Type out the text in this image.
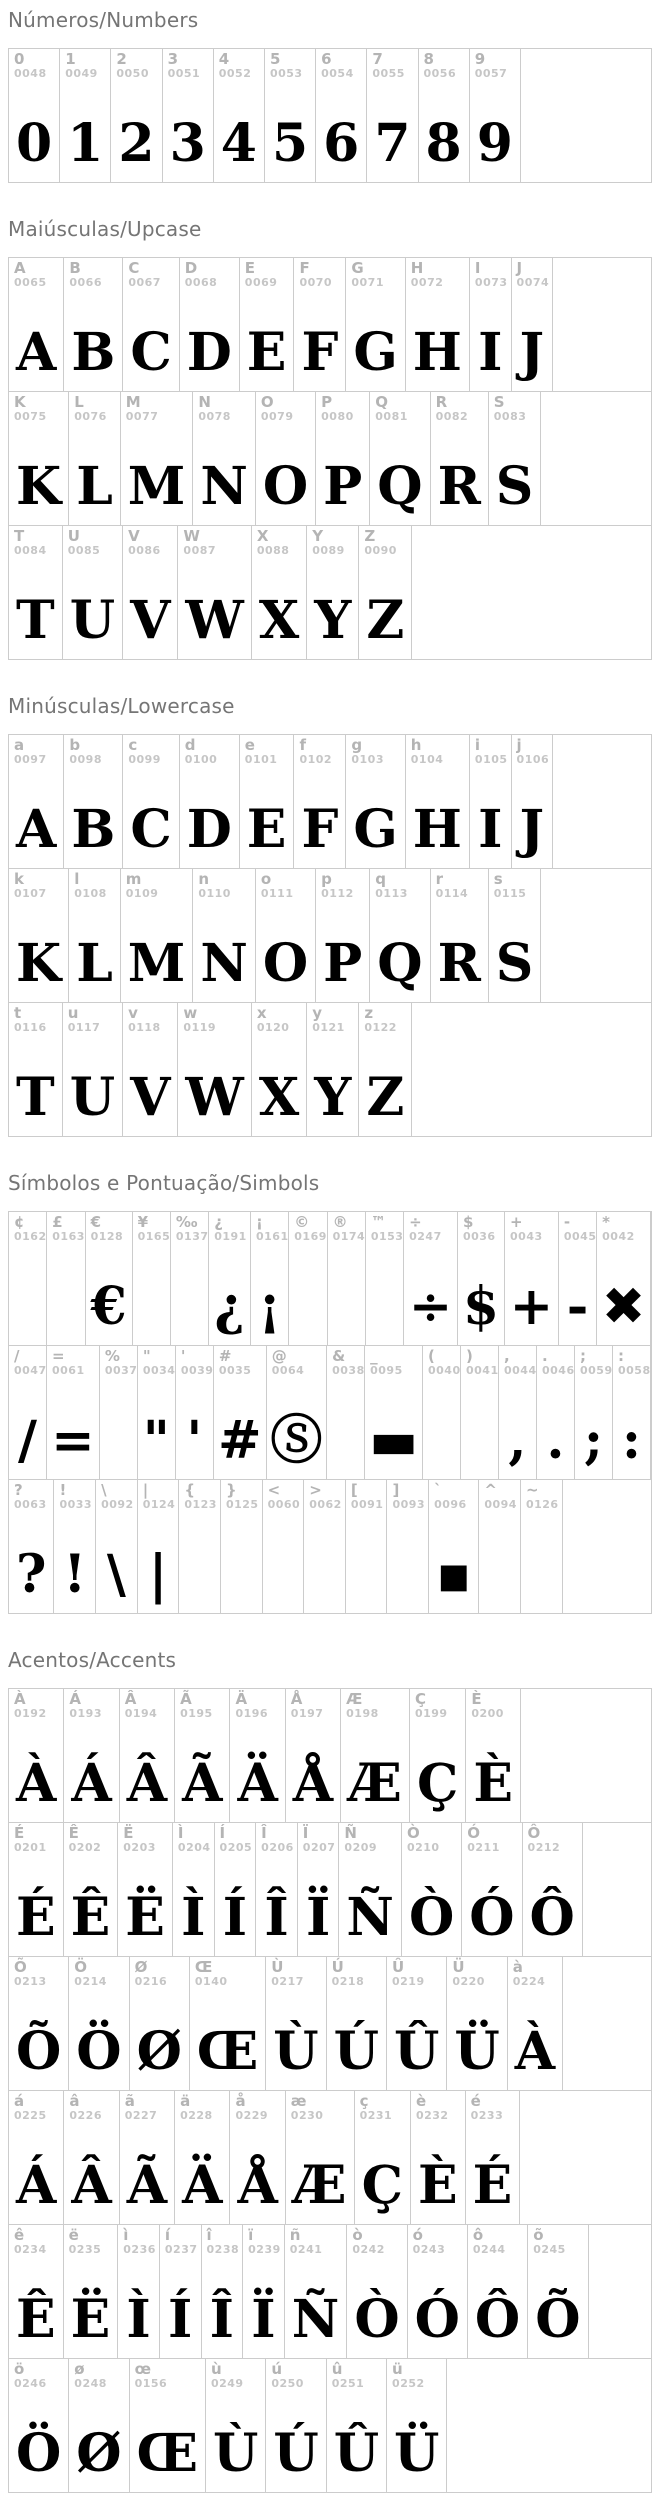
Números/Numbers
0
0048
0
1
0049
1
2
0050
2
3
0051
3
4
0052
4
5
0053
5
6
0054
6
7
0055
7
8
0056
8
9
0057
9
Maiúsculas/Upcase
A
0065
A
B
0066
B
C
0067
C
D
0068
D
E
0069
E
F
0070
F
G
0071
G
H
0072
H
I
0073
I
J
0074
J
K
0075
K
L
0076
L
M
0077
M
N
0078
N
O
0079
O
P
0080
P
Q
0081
Q
R
0082
R
S
0083
S
T
0084
T
U
0085
U
V
0086
V
W
0087
W
X
0088
X
Y
0089
Y
Z
0090
Z
Minúsculas/Lowercase
a
0097
A
b
0098
B
c
0099
C
d
0100
D
e
0101
E
f
0102
F
g
0103
G
h
0104
H
i
0105
I
j
0106
J
k
0107
K
l
0108
L
m
0109
M
n
0110
N
o
0111
O
p
0112
P
q
0113
Q
r
0114
R
s
0115
S
t
0116
T
u
0117
U
v
0118
V
w
0119
W
x
0120
X
y
0121
Y
z
0122
Z
Símbolos e Pontuação/Simbols
¢
0162
£
0163
€
0128
€
¥
0165
‰
0137
¿
0191
¿
¡
0161
¡
©
0169
®
0174
™
0153
÷
0247
÷
$
0036
$
+
0043
+
-
0045
-
*
0042
✖
/
0047
/
=
0061
=
%
0037
"
0034
"
'
0039
'
#
0035
#
@
0064
Ⓢ
&
0038
_
0095
▬
(
0040
)
0041
,
0044
,
.
0046
.
;
0059
;
:
0058
:
?
0063
?
!
0033
!
\
0092
\
|
0124
|
{
0123
}
0125
<
0060
>
0062
[
0091
]
0093
`
0096
▪
^
0094
~
0126
Acentos/Accents
À
0192
À
Á
0193
Á
Â
0194
Â
Ã
0195
Ã
Ä
0196
Ä
Å
0197
Å
Æ
0198
Æ
Ç
0199
Ç
È
0200
È
É
0201
É
Ê
0202
Ê
Ë
0203
Ë
Ì
0204
Ì
Í
0205
Í
Î
0206
Î
Ï
0207
Ï
Ñ
0209
Ñ
Ò
0210
Ò
Ó
0211
Ó
Ô
0212
Ô
Õ
0213
Õ
Ö
0214
Ö
Ø
0216
Ø
Œ
0140
Œ
Ù
0217
Ù
Ú
0218
Ú
Û
0219
Û
Ü
0220
Ü
à
0224
À
á
0225
Á
â
0226
Â
ã
0227
Ã
ä
0228
Ä
å
0229
Å
æ
0230
Æ
ç
0231
Ç
è
0232
È
é
0233
É
ê
0234
Ê
ë
0235
Ë
ì
0236
Ì
í
0237
Í
î
0238
Î
ï
0239
Ï
ñ
0241
Ñ
ò
0242
Ò
ó
0243
Ó
ô
0244
Ô
õ
0245
Õ
ö
0246
Ö
ø
0248
Ø
œ
0156
Œ
ù
0249
Ù
ú
0250
Ú
û
0251
Û
ü
0252
Ü
